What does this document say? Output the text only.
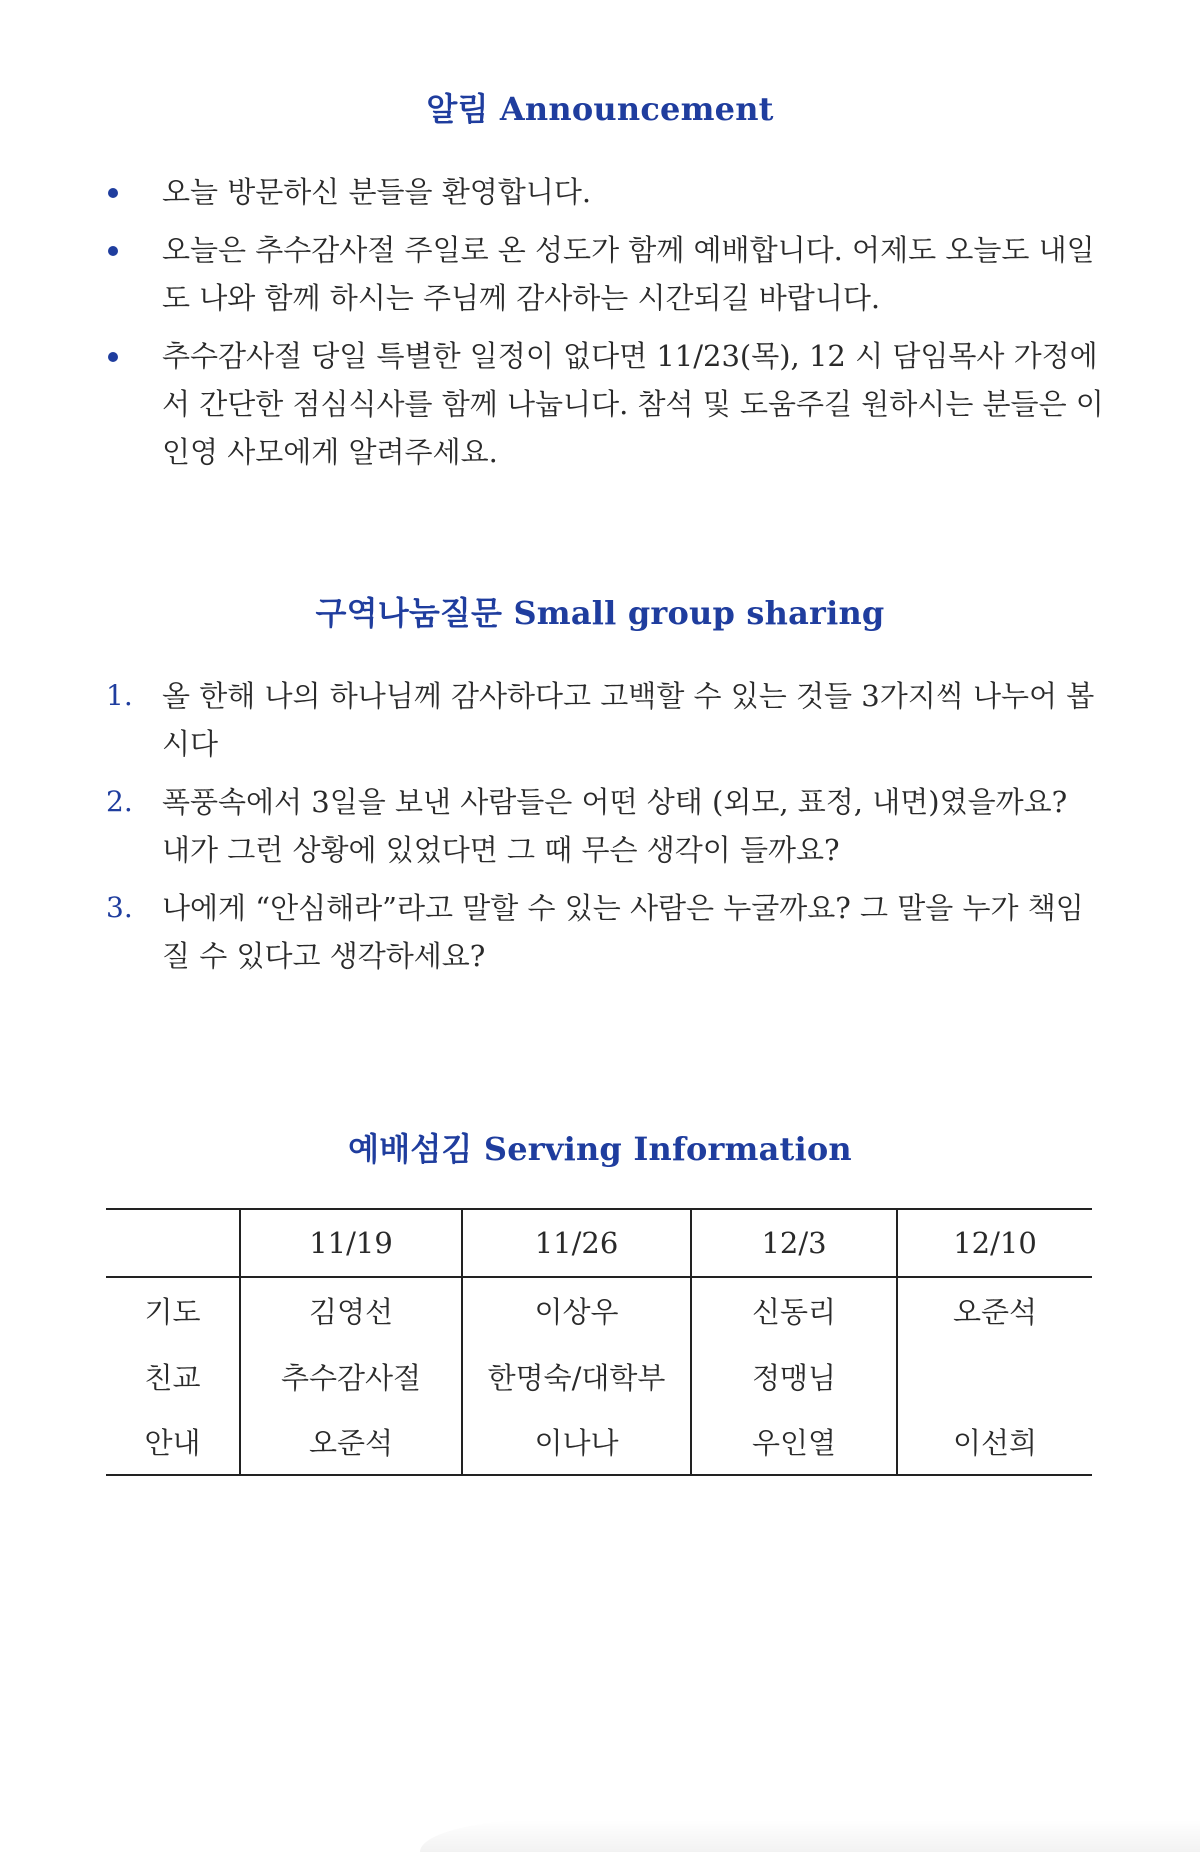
알림 Announcement
오늘 방문하신 분들을 환영합니다.
오늘은 추수감사절 주일로 온 성도가 함께 예배합니다. 어제도 오늘도 내일도 나와 함께 하시는 주님께 감사하는 시간되길 바랍니다.
추수감사절 당일 특별한 일정이 없다면 11/23(목), 12 시 담임목사 가정에서 간단한 점심식사를 함께 나눕니다. 참석 및 도움주길 원하시는 분들은 이인영 사모에게 알려주세요.
구역나눔질문 Small group sharing
1. 올 한해 나의 하나님께 감사하다고 고백할 수 있는 것들 3가지씩 나누어 봅시다
2. 폭풍속에서 3일을 보낸 사람들은 어떤 상태 (외모, 표정, 내면)였을까요? 내가 그런 상황에 있었다면 그 때 무슨 생각이 들까요?
3. 나에게 “안심해라”라고 말할 수 있는 사람은 누굴까요? 그 말을 누가 책임질 수 있다고 생각하세요?
예배섬김 Serving Information
	11/19	11/26	12/3	12/10
기도	김영선	이상우	신동리	오준석
친교	추수감사절	한명숙/대학부	정맹님	
안내	오준석	이나나	우인열	이선희
